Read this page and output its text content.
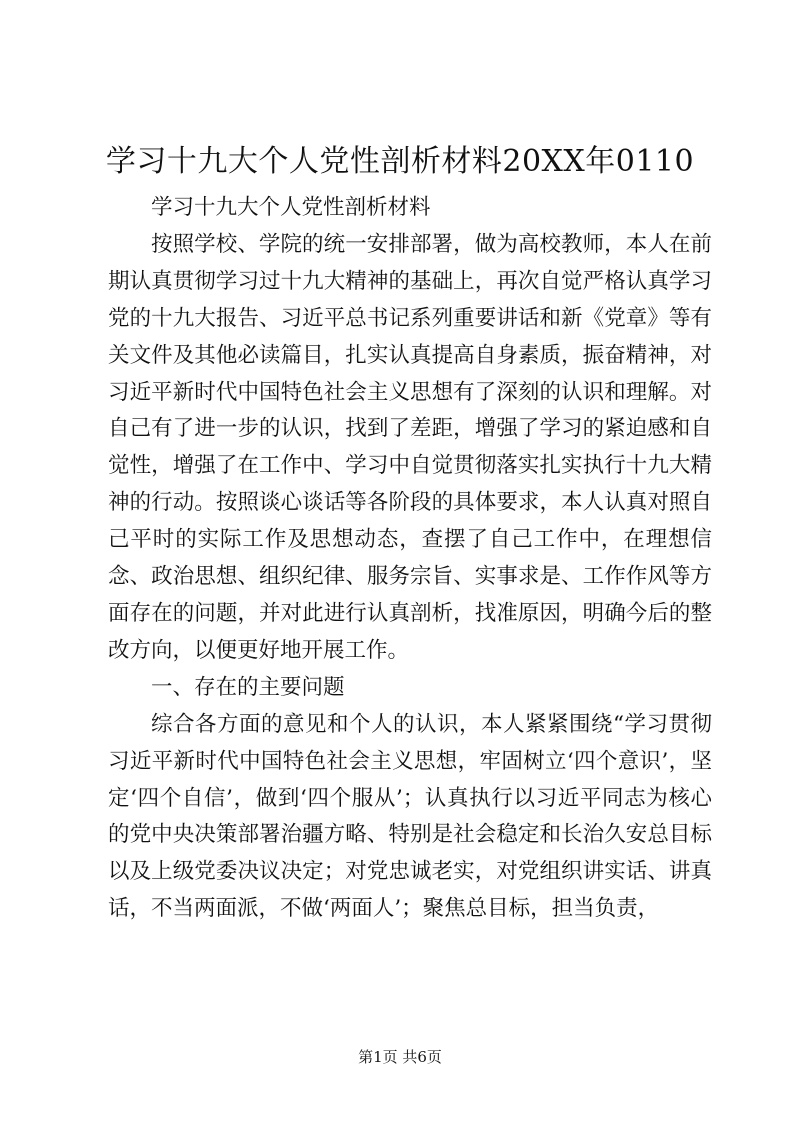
学习十九大个人党性剖析材料20XX年0110

学习十九大个人党性剖析材料

按照学校、学院的统一安排部署，做为高校教师，本人在前期认真贯彻学习过十九大精神的基础上，再次自觉严格认真学习党的十九大报告、习近平总书记系列重要讲话和新《党章》等有关文件及其他必读篇目，扎实认真提高自身素质，振奋精神，对习近平新时代中国特色社会主义思想有了深刻的认识和理解。对自己有了进一步的认识，找到了差距，增强了学习的紧迫感和自觉性，增强了在工作中、学习中自觉贯彻落实扎实执行十九大精神的行动。按照谈心谈话等各阶段的具体要求，本人认真对照自己平时的实际工作及思想动态，查摆了自己工作中，在理想信念、政治思想、组织纪律、服务宗旨、实事求是、工作作风等方面存在的问题，并对此进行认真剖析，找准原因，明确今后的整改方向，以便更好地开展工作。

一、存在的主要问题

综合各方面的意见和个人的认识，本人紧紧围绕“学习贯彻习近平新时代中国特色社会主义思想，牢固树立‘四个意识’，坚定‘四个自信’，做到‘四个服从’；认真执行以习近平同志为核心的党中央决策部署治疆方略、特别是社会稳定和长治久安总目标以及上级党委决议决定；对党忠诚老实，对党组织讲实话、讲真话，不当两面派，不做‘两面人’；聚焦总目标，担当负责，

第1页 共6页
